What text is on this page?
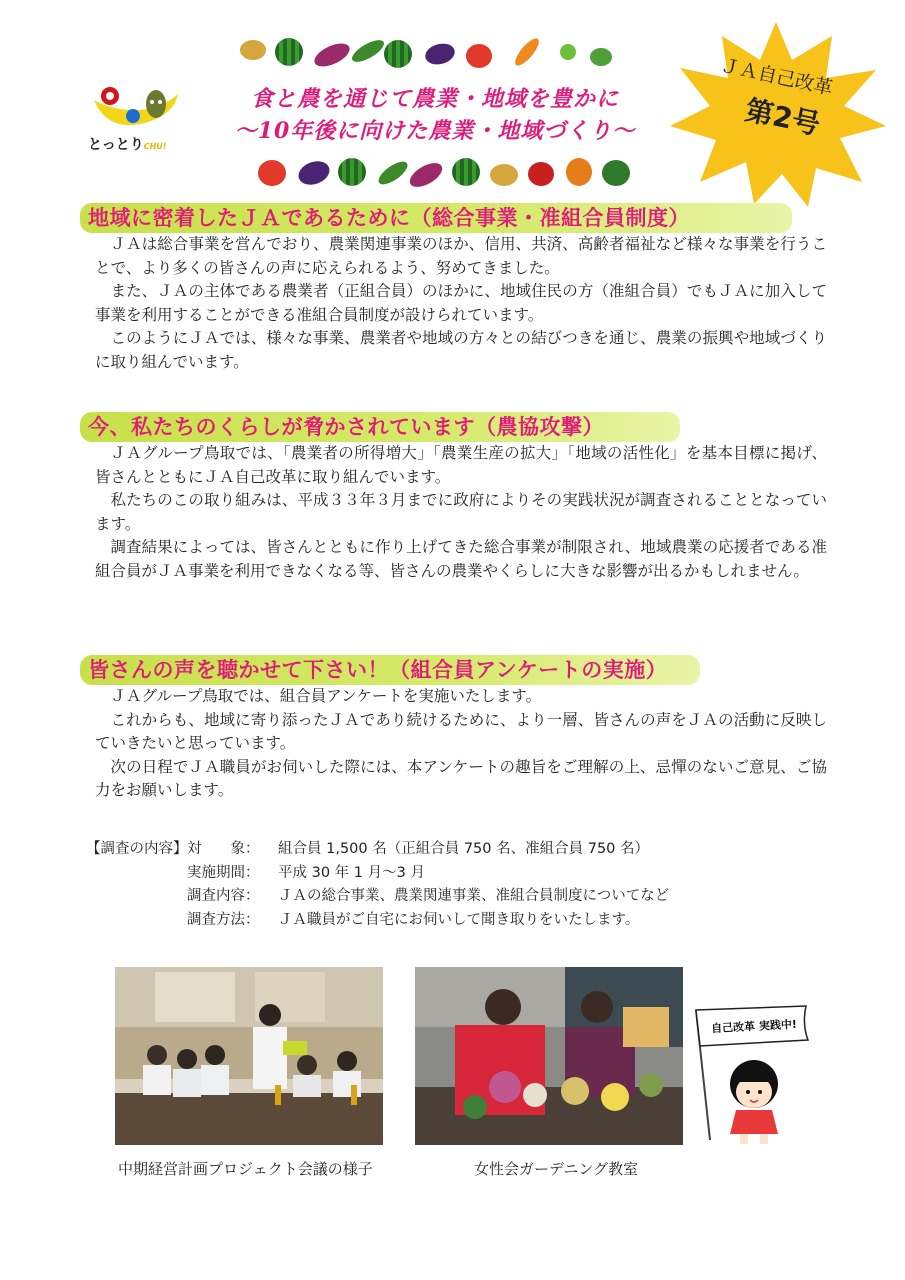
とっとりCHU!
食と農を通じて農業・地域を豊かに
～10年後に向けた農業・地域づくり～
ＪＡ自己改革
第2号
地域に密着したＪＡであるために（総合事業・准組合員制度）

ＪＡは総合事業を営んでおり、農業関連事業のほか、信用、共済、高齢者福祉など様々な事業を行うことで、より多くの皆さんの声に応えられるよう、努めてきました。

また、ＪＡの主体である農業者（正組合員）のほかに、地域住民の方（准組合員）でもＪＡに加入して事業を利用することができる准組合員制度が設けられています。

このようにＪＡでは、様々な事業、農業者や地域の方々との結びつきを通じ、農業の振興や地域づくりに取り組んでいます。

今、私たちのくらしが脅かされています（農協攻撃）

ＪＡグループ鳥取では、「農業者の所得増大」「農業生産の拡大」「地域の活性化」を基本目標に掲げ、皆さんとともにＪＡ自己改革に取り組んでいます。

私たちのこの取り組みは、平成３３年３月までに政府によりその実践状況が調査されることとなっています。

調査結果によっては、皆さんとともに作り上げてきた総合事業が制限され、地域農業の応援者である准組合員がＪＡ事業を利用できなくなる等、皆さんの農業やくらしに大きな影響が出るかもしれません。

皆さんの声を聴かせて下さい！（組合員アンケートの実施）

ＪＡグループ鳥取では、組合員アンケートを実施いたします。

これからも、地域に寄り添ったＪＡであり続けるために、より一層、皆さんの声をＪＡの活動に反映していきたいと思っています。

次の日程でＪＡ職員がお伺いした際には、本アンケートの趣旨をご理解の上、忌憚のないご意見、ご協力をお願いします。

【調査の内容】 対　　象：	組合員 1,500 名（正組合員 750 名、准組合員 750 名）
実施期間：	平成 30 年 1 月～3 月
調査内容：	ＪＡの総合事業、農業関連事業、准組合員制度についてなど
調査方法：	ＪＡ職員がご自宅にお伺いして聞き取りをいたします。
中期経営計画プロジェクト会議の様子	女性会ガーデニング教室
自己改革 実践中!
